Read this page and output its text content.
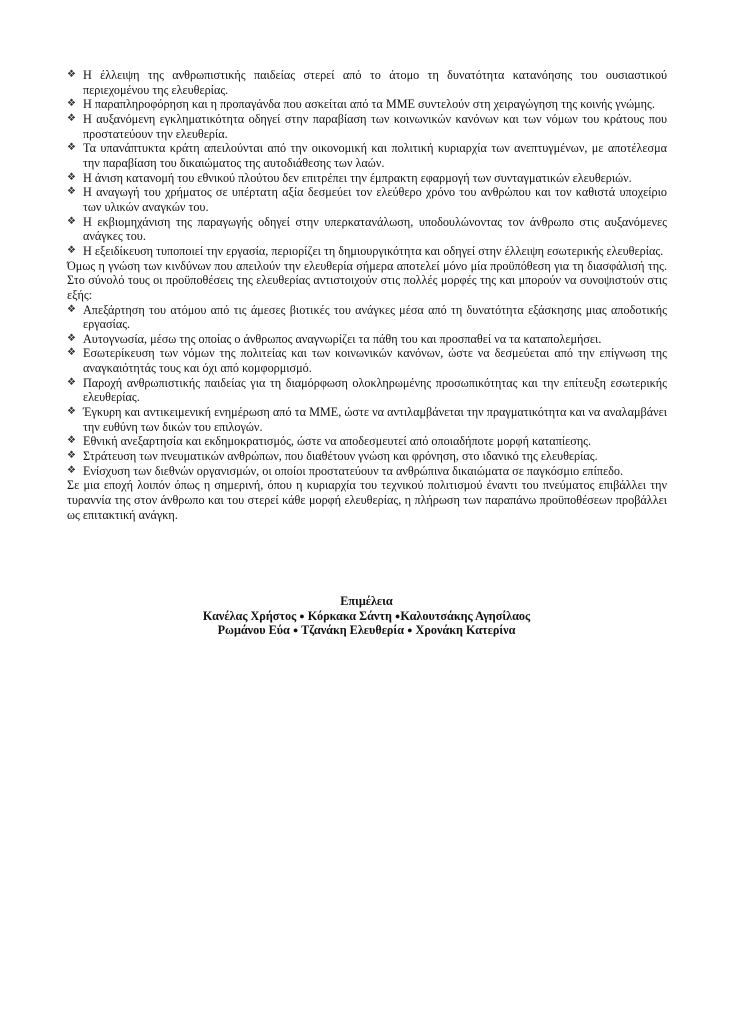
❖ Η έλλειψη της ανθρωπιστικής παιδείας στερεί από το άτομο τη δυνατότητα κατανόησης του ουσιαστικού περιεχομένου της ελευθερίας.
❖ Η παραπληροφόρηση και η προπαγάνδα που ασκείται από τα ΜΜΕ συντελούν στη χειραγώγηση της κοινής γνώμης.
❖ Η αυξανόμενη εγκληματικότητα οδηγεί στην παραβίαση των κοινωνικών κανόνων και των νόμων του κράτους που προστατεύουν την ελευθερία.
❖ Τα υπανάπτυκτα κράτη απειλούνται από την οικονομική και πολιτική κυριαρχία των ανεπτυγμένων, με αποτέλεσμα την παραβίαση του δικαιώματος της αυτοδιάθεσης των λαών.
❖ Η άνιση κατανομή του εθνικού πλούτου δεν επιτρέπει την έμπρακτη εφαρμογή των συνταγματικών ελευθεριών.
❖ Η αναγωγή του χρήματος σε υπέρτατη αξία δεσμεύει τον ελεύθερο χρόνο του ανθρώπου και τον καθιστά υποχείριο των υλικών αναγκών του.
❖ Η εκβιομηχάνιση της παραγωγής οδηγεί στην υπερκατανάλωση, υποδουλώνοντας τον άνθρωπο στις αυξανόμενες ανάγκες του.
❖ Η εξειδίκευση τυποποιεί την εργασία, περιορίζει τη δημιουργικότητα και οδηγεί στην έλλειψη εσωτερικής ελευθερίας.

Όμως η γνώση των κινδύνων που απειλούν την ελευθερία σήμερα αποτελεί μόνο μία προϋπόθεση για τη διασφάλισή της. Στο σύνολό τους οι προϋποθέσεις της ελευθερίας αντιστοιχούν στις πολλές μορφές της και μπορούν να συνοψιστούν στις εξής:

❖ Απεξάρτηση του ατόμου από τις άμεσες βιοτικές του ανάγκες μέσα από τη δυνατότητα εξάσκησης μιας αποδοτικής εργασίας.
❖ Αυτογνωσία, μέσω της οποίας ο άνθρωπος αναγνωρίζει τα πάθη του και προσπαθεί να τα καταπολεμήσει.
❖ Εσωτερίκευση των νόμων της πολιτείας και των κοινωνικών κανόνων, ώστε να δεσμεύεται από την επίγνωση της αναγκαιότητάς τους και όχι από κομφορμισμό.
❖ Παροχή ανθρωπιστικής παιδείας για τη διαμόρφωση ολοκληρωμένης προσωπικότητας και την επίτευξη εσωτερικής ελευθερίας.
❖ Έγκυρη και αντικειμενική ενημέρωση από τα ΜΜΕ, ώστε να αντιλαμβάνεται την πραγματικότητα και να αναλαμβάνει την ευθύνη των δικών του επιλογών.
❖ Εθνική ανεξαρτησία και εκδημοκρατισμός, ώστε να αποδεσμευτεί από οποιαδήποτε μορφή καταπίεσης.
❖ Στράτευση των πνευματικών ανθρώπων, που διαθέτουν γνώση και φρόνηση, στο ιδανικό της ελευθερίας.
❖ Ενίσχυση των διεθνών οργανισμών, οι οποίοι προστατεύουν τα ανθρώπινα δικαιώματα σε παγκόσμιο επίπεδο.

Σε μια εποχή λοιπόν όπως η σημερινή, όπου η κυριαρχία του τεχνικού πολιτισμού έναντι του πνεύματος επιβάλλει την τυραννία της στον άνθρωπο και του στερεί κάθε μορφή ελευθερίας, η πλήρωση των παραπάνω προϋποθέσεων προβάλλει ως επιτακτική ανάγκη.

Επιμέλεια
Κανέλας Χρήστος ● Κόρκακα Σάντη ●Καλουτσάκης Αγησίλαος
Ρωμάνου Εύα ● Τζανάκη Ελευθερία ● Χρονάκη Κατερίνα
